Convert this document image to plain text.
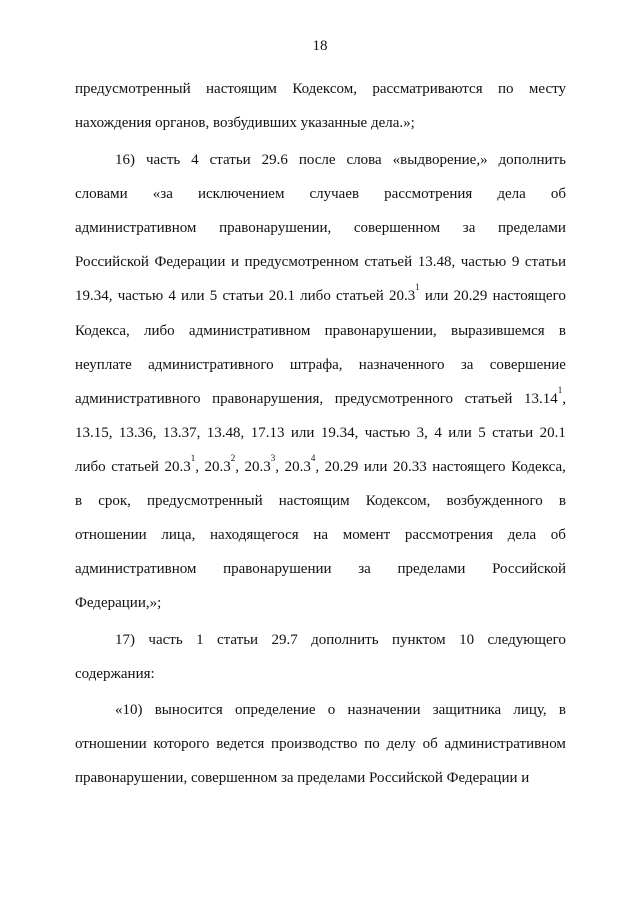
18
предусмотренный настоящим Кодексом, рассматриваются по месту
нахождения органов, возбудивших указанные дела.»;
16) часть 4 статьи 29.6 после слова «выдворение,» дополнить
словами «за исключением случаев рассмотрения дела об
административном правонарушении, совершенном за пределами
Российской Федерации и предусмотренном статьей 13.48, частью 9 статьи
19.34, частью 4 или 5 статьи 20.1 либо статьей 20.3$^1$
или 20.29 настоящего
Кодекса, либо административном правонарушении, выразившемся в
неуплате административного штрафа, назначенного за совершение
административного правонарушения, предусмотренного статьей 13.14$^1$,
13.15, 13.36, 13.37, 13.48, 17.13 или 19.34, частью 3, 4 или 5 статьи 20.1
либо статьей 20.3$^1$, 20.3$^2$, 20.3$^3$, 20.3$^4$, 20.29 или 20.33 настоящего Кодекса,
в срок, предусмотренный настоящим Кодексом, возбужденного в
отношении лица, находящегося на момент рассмотрения дела об
административном правонарушении за пределами Российской
Федерации,»;
17) часть 1 статьи 29.7 дополнить пунктом 10 следующего
содержания:
«10) выносится определение о назначении защитника лицу, в
отношении которого ведется производство по делу об административном
правонарушении, совершенном за пределами Российской Федерации и
